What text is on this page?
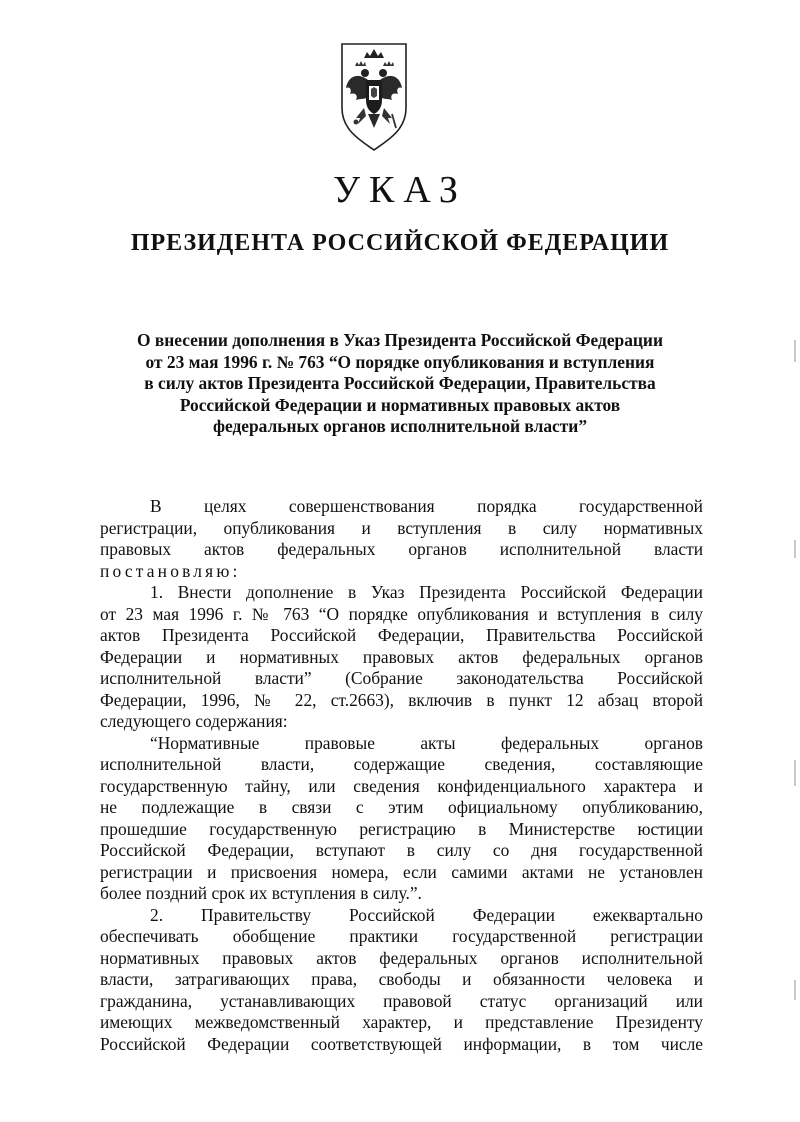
УКАЗ
ПРЕЗИДЕНТА РОССИЙСКОЙ ФЕДЕРАЦИИ
О внесении дополнения в Указ Президента Российской Федерации
от 23 мая 1996 г. № 763 “О порядке опубликования и вступления
в силу актов Президента Российской Федерации, Правительства
Российской Федерации и нормативных правовых актов
федеральных органов исполнительной власти”
В целях совершенствования порядка государственной
регистрации, опубликования и вступления в силу нормативных
правовых актов федеральных органов исполнительной власти
постановляю:
1. Внести дополнение в Указ Президента Российской Федерации
от 23 мая 1996 г. № 763 “О порядке опубликования и вступления в силу
актов Президента Российской Федерации, Правительства Российской
Федерации и нормативных правовых актов федеральных органов
исполнительной власти” (Собрание законодательства Российской
Федерации, 1996, № 22, ст.2663), включив в пункт 12 абзац второй
следующего содержания:
“Нормативные правовые акты федеральных органов
исполнительной власти, содержащие сведения, составляющие
государственную тайну, или сведения конфиденциального характера и
не подлежащие в связи с этим официальному опубликованию,
прошедшие государственную регистрацию в Министерстве юстиции
Российской Федерации, вступают в силу со дня государственной
регистрации и присвоения номера, если самими актами не установлен
более поздний срок их вступления в силу.”.
2. Правительству Российской Федерации ежеквартально
обеспечивать обобщение практики государственной регистрации
нормативных правовых актов федеральных органов исполнительной
власти, затрагивающих права, свободы и обязанности человека и
гражданина, устанавливающих правовой статус организаций или
имеющих межведомственный характер, и представление Президенту
Российской Федерации соответствующей информации, в том числе
